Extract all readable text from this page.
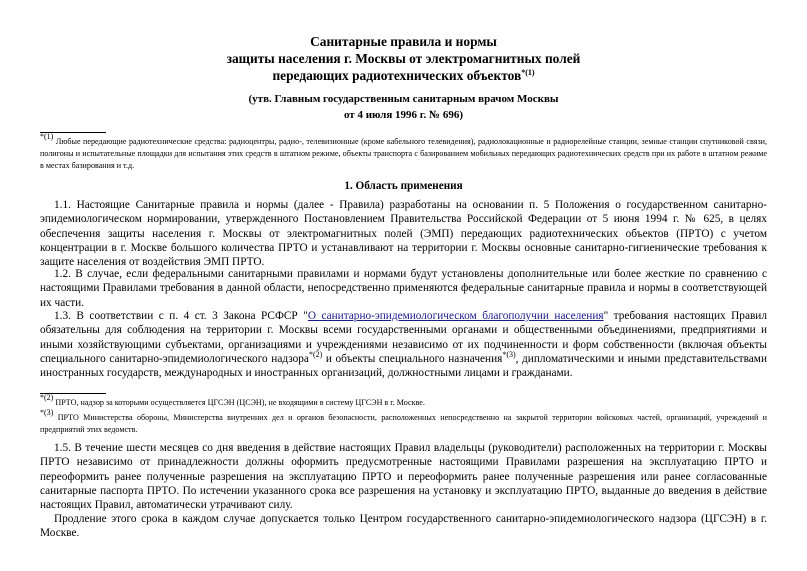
Санитарные правила и нормы
защиты населения г. Москвы от электромагнитных полей
передающих радиотехнических объектов$^{*(1)}$
(утв. Главным государственным санитарным врачом Москвы
от 4 июля 1996 г. № 696)
$^{*(1)}$ Любые передающие радиотехнические средства: радиоцентры, радио-, телевизионные (кроме кабельного телевидения), радиолокационные и радиорелейные станции, земные станции спутниковой связи, полигоны и испытательные площадки для испытания этих средств в штатном режиме, объекты транспорта с базированием мобильных передающих радиотехнических средств при их работе в штатном режиме в местах базирования и т.д.
1. Область применения
1.1. Настоящие Санитарные правила и нормы (далее - Правила) разработаны на основании п. 5 Положения о государственном санитарно-эпидемиологическом нормировании, утвержденного Постановлением Правительства Российской Федерации от 5 июня 1994 г. № 625, в целях обеспечения защиты населения г. Москвы от электромагнитных полей (ЭМП) передающих радиотехнических объектов (ПРТО) с учетом концентрации в г. Москве большого количества ПРТО и устанавливают на территории г. Москвы основные санитарно-гигиенические требования к защите населения от воздействия ЭМП ПРТО.
1.2. В случае, если федеральными санитарными правилами и нормами будут установлены дополнительные или более жесткие по сравнению с настоящими Правилами требования в данной области, непосредственно применяются федеральные санитарные правила и нормы в соответствующей их части.
1.3. В соответствии с п. 4 ст. 3 Закона РСФСР "О санитарно-эпидемиологическом благополучии населения" требования настоящих Правил обязательны для соблюдения на территории г. Москвы всеми государственными органами и общественными объединениями, предприятиями и иными хозяйствующими субъектами, организациями и учреждениями независимо от их подчиненности и форм собственности (включая объекты специального санитарно-эпидемиологического надзора$^{*(2)}$ и объекты специального назначения$^{*(3)}$, дипломатическими и иными представительствами иностранных государств, международных и иностранных организаций, должностными лицами и гражданами.
$^{*(2)}$ ПРТО, надзор за которыми осуществляется ЦГСЭН (ЦСЭН), не входящими в систему ЦГСЭН в г. Москве.
$^{*(3)}$ ПРТО Министерства обороны, Министерства внутренних дел и органов безопасности, расположенных непосредственно на закрытой территории войсковых частей, организаций, учреждений и предприятий этих ведомств.
1.5. В течение шести месяцев со дня введения в действие настоящих Правил владельцы (руководители) расположенных на территории г. Москвы ПРТО независимо от принадлежности должны оформить предусмотренные настоящими Правилами разрешения на эксплуатацию ПРТО и переоформить ранее полученные разрешения на эксплуатацию ПРТО и переоформить ранее полученные разрешения или ранее согласованные санитарные паспорта ПРТО. По истечении указанного срока все разрешения на установку и эксплуатацию ПРТО, выданные до введения в действие настоящих Правил, автоматически утрачивают силу.
Продление этого срока в каждом случае допускается только Центром государственного санитарно-эпидемиологического надзора (ЦГСЭН) в г. Москве.
